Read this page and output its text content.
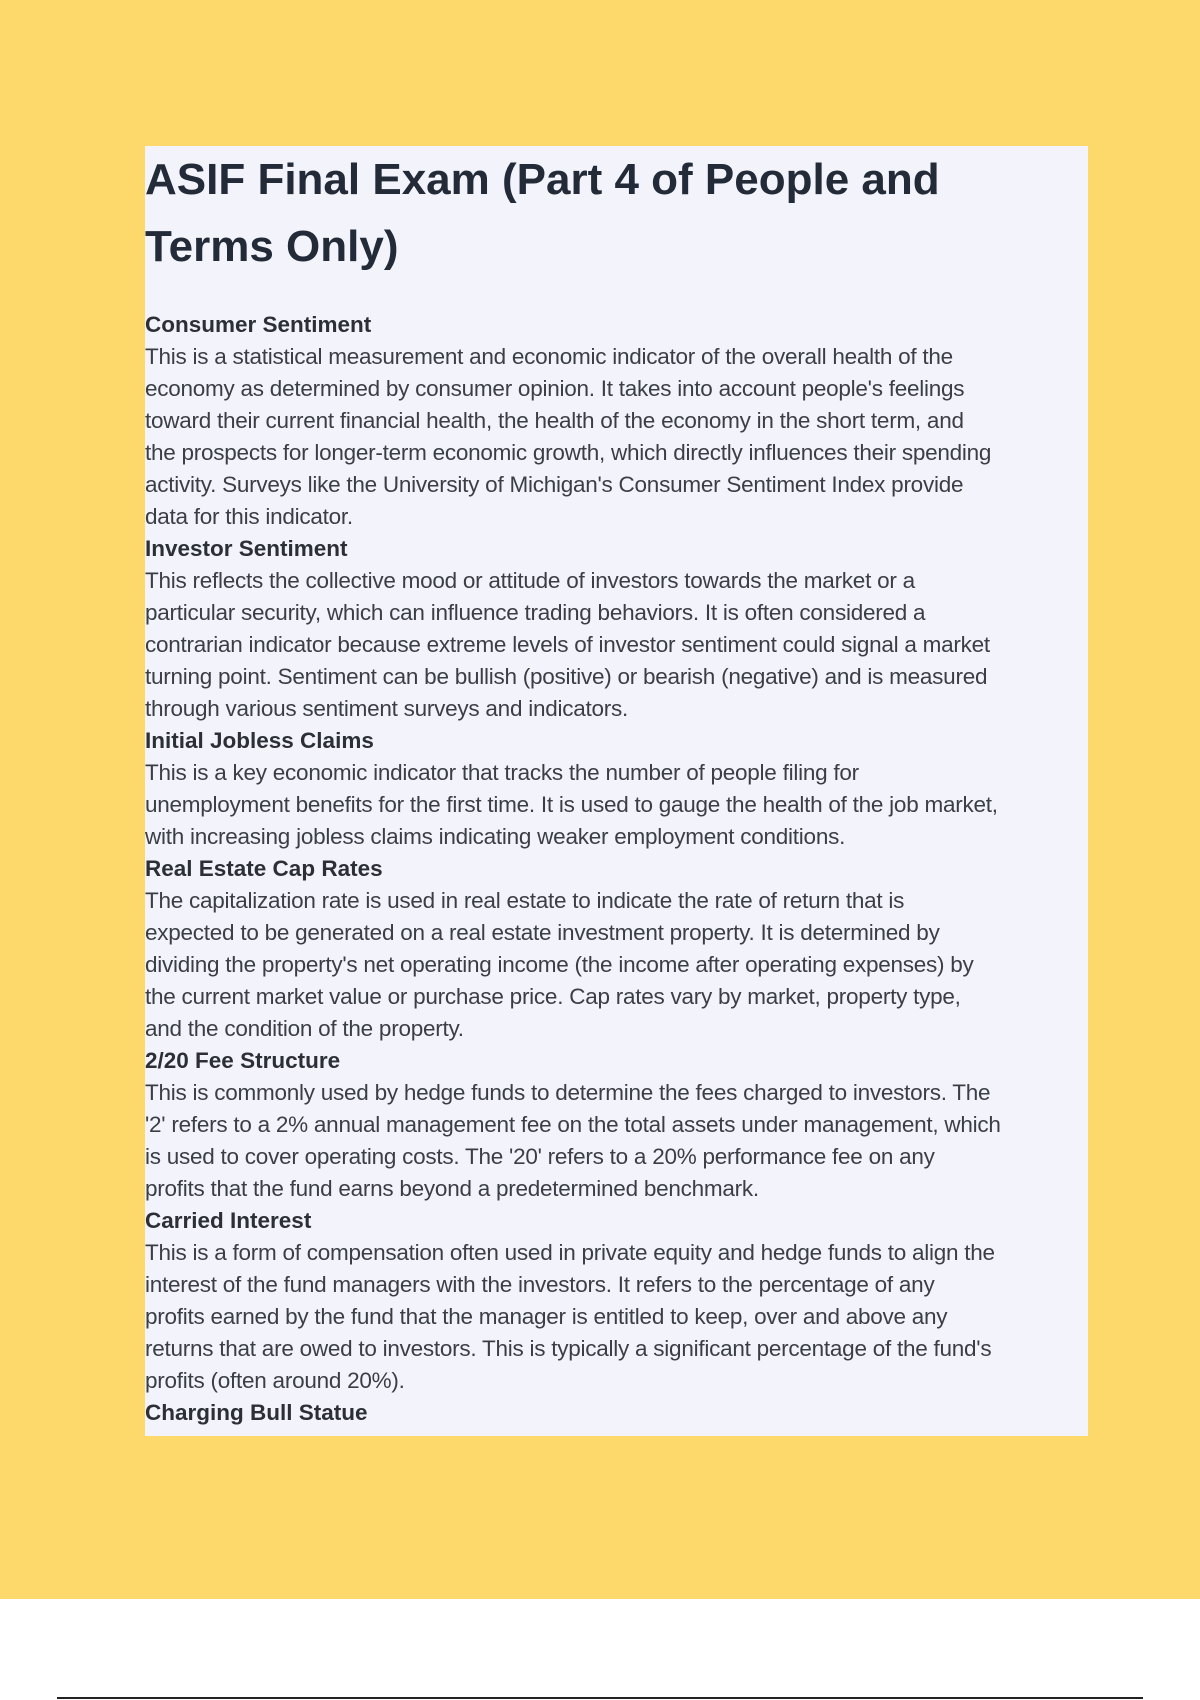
ASIF Final Exam (Part 4 of People and
Terms Only)
Consumer Sentiment
This is a statistical measurement and economic indicator of the overall health of the
economy as determined by consumer opinion. It takes into account people's feelings
toward their current financial health, the health of the economy in the short term, and
the prospects for longer-term economic growth, which directly influences their spending
activity. Surveys like the University of Michigan's Consumer Sentiment Index provide
data for this indicator.
Investor Sentiment
This reflects the collective mood or attitude of investors towards the market or a
particular security, which can influence trading behaviors. It is often considered a
contrarian indicator because extreme levels of investor sentiment could signal a market
turning point. Sentiment can be bullish (positive) or bearish (negative) and is measured
through various sentiment surveys and indicators.
Initial Jobless Claims
This is a key economic indicator that tracks the number of people filing for
unemployment benefits for the first time. It is used to gauge the health of the job market,
with increasing jobless claims indicating weaker employment conditions.
Real Estate Cap Rates
The capitalization rate is used in real estate to indicate the rate of return that is
expected to be generated on a real estate investment property. It is determined by
dividing the property's net operating income (the income after operating expenses) by
the current market value or purchase price. Cap rates vary by market, property type,
and the condition of the property.
2/20 Fee Structure
This is commonly used by hedge funds to determine the fees charged to investors. The
'2' refers to a 2% annual management fee on the total assets under management, which
is used to cover operating costs. The '20' refers to a 20% performance fee on any
profits that the fund earns beyond a predetermined benchmark.
Carried Interest
This is a form of compensation often used in private equity and hedge funds to align the
interest of the fund managers with the investors. It refers to the percentage of any
profits earned by the fund that the manager is entitled to keep, over and above any
returns that are owed to investors. This is typically a significant percentage of the fund's
profits (often around 20%).
Charging Bull Statue
